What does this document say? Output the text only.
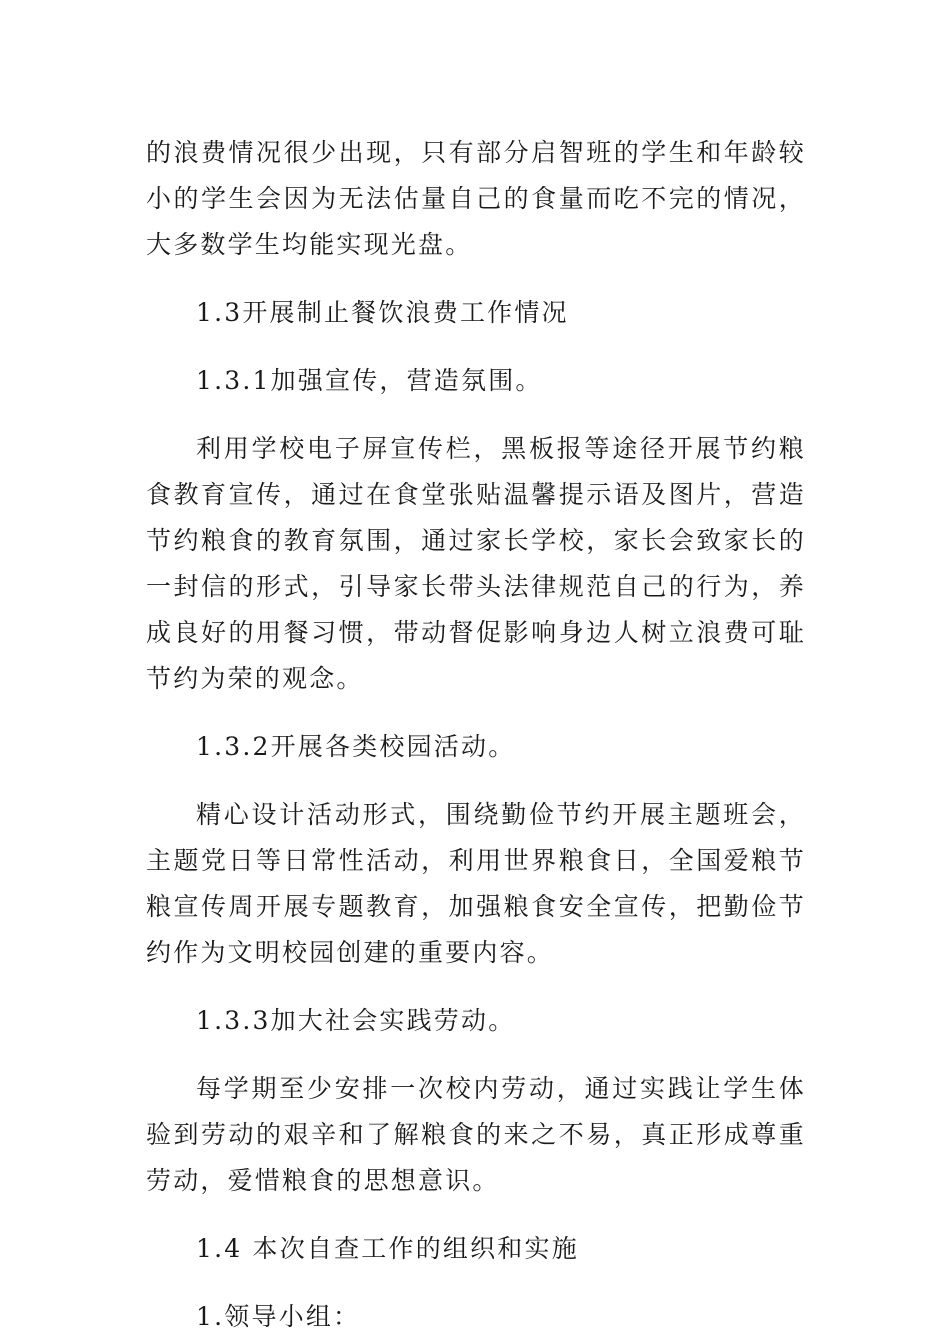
的浪费情况很少出现，只有部分启智班的学生和年龄较小的学生会因为无法估量自己的食量而吃不完的情况，大多数学生均能实现光盘。

1.3开展制止餐饮浪费工作情况

1.3.1加强宣传，营造氛围。

利用学校电子屏宣传栏，黑板报等途径开展节约粮食教育宣传，通过在食堂张贴温馨提示语及图片，营造节约粮食的教育氛围，通过家长学校，家长会致家长的一封信的形式，引导家长带头法律规范自己的行为，养成良好的用餐习惯，带动督促影响身边人树立浪费可耻节约为荣的观念。

1.3.2开展各类校园活动。

精心设计活动形式，围绕勤俭节约开展主题班会，主题党日等日常性活动，利用世界粮食日，全国爱粮节粮宣传周开展专题教育，加强粮食安全宣传，把勤俭节约作为文明校园创建的重要内容。

1.3.3加大社会实践劳动。

每学期至少安排一次校内劳动，通过实践让学生体验到劳动的艰辛和了解粮食的来之不易，真正形成尊重劳动，爱惜粮食的思想意识。

1.4 本次自查工作的组织和实施

1.领导小组：
